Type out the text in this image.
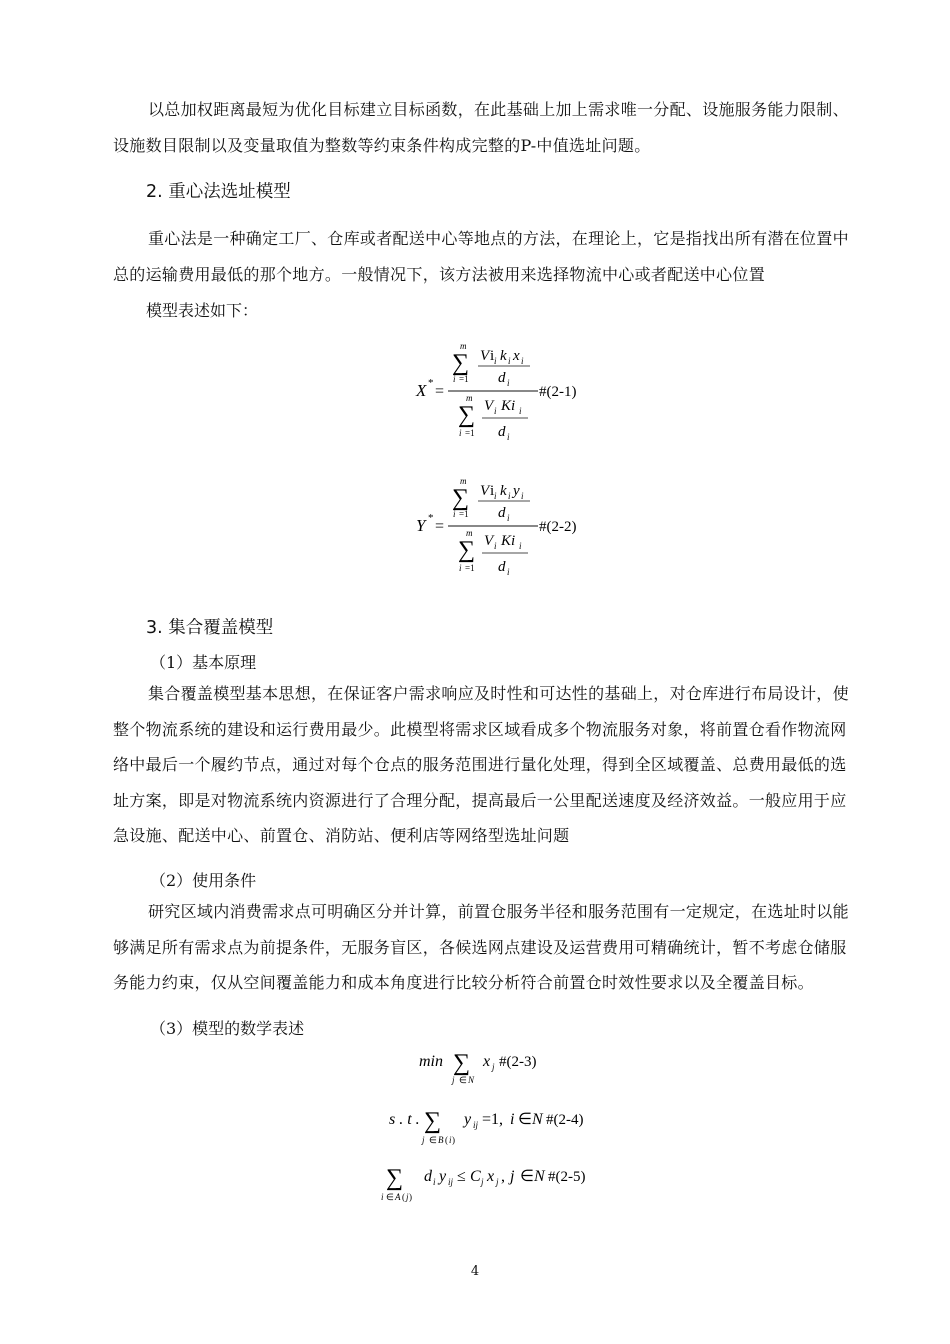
以总加权距离最短为优化目标建立目标函数，在此基础上加上需求唯一分配、设施服务能力限制、设施数目限制以及变量取值为整数等约束条件构成完整的P-中值选址问题。
2. 重心法选址模型
重心法是一种确定工厂、仓库或者配送中心等地点的方法，在理论上，它是指找出所有潜在位置中总的运输费用最低的那个地方。一般情况下，该方法被用来选择物流中心或者配送中心位置
模型表述如下：
X * =
m
∑
i =1
V i i k i x i
d i
m
∑
i =1
V i Ki i
d i
#(2-1)
Y * =
m
∑
i =1
V i i k i y i
d i
m
∑
i =1
V i Ki i
d i
#(2-2)
3. 集合覆盖模型
（1）基本原理
集合覆盖模型基本思想，在保证客户需求响应及时性和可达性的基础上，对仓库进行布局设计，使整个物流系统的建设和运行费用最少。此模型将需求区域看成多个物流服务对象，将前置仓看作物流网络中最后一个履约节点，通过对每个仓点的服务范围进行量化处理，得到全区域覆盖、总费用最低的选址方案，即是对物流系统内资源进行了合理分配，提高最后一公里配送速度及经济效益。一般应用于应急设施、配送中心、前置仓、消防站、便利店等网络型选址问题
（2）使用条件
研究区域内消费需求点可明确区分并计算，前置仓服务半径和服务范围有一定规定，在选址时以能够满足所有需求点为前提条件，无服务盲区，各候选网点建设及运营费用可精确统计，暂不考虑仓储服务能力约束，仅从空间覆盖能力和成本角度进行比较分析符合前置仓时效性要求以及全覆盖目标。
（3）模型的数学表述
min ∑
j ∈ N
x j #(2-3)
s . t . ∑
j ∈ B ( i )
y ij =1, i ∈ N #(2-4)
∑
i ∈ A ( j )
d i y ij ≤ C j x j , j ∈ N #(2-5)
4
